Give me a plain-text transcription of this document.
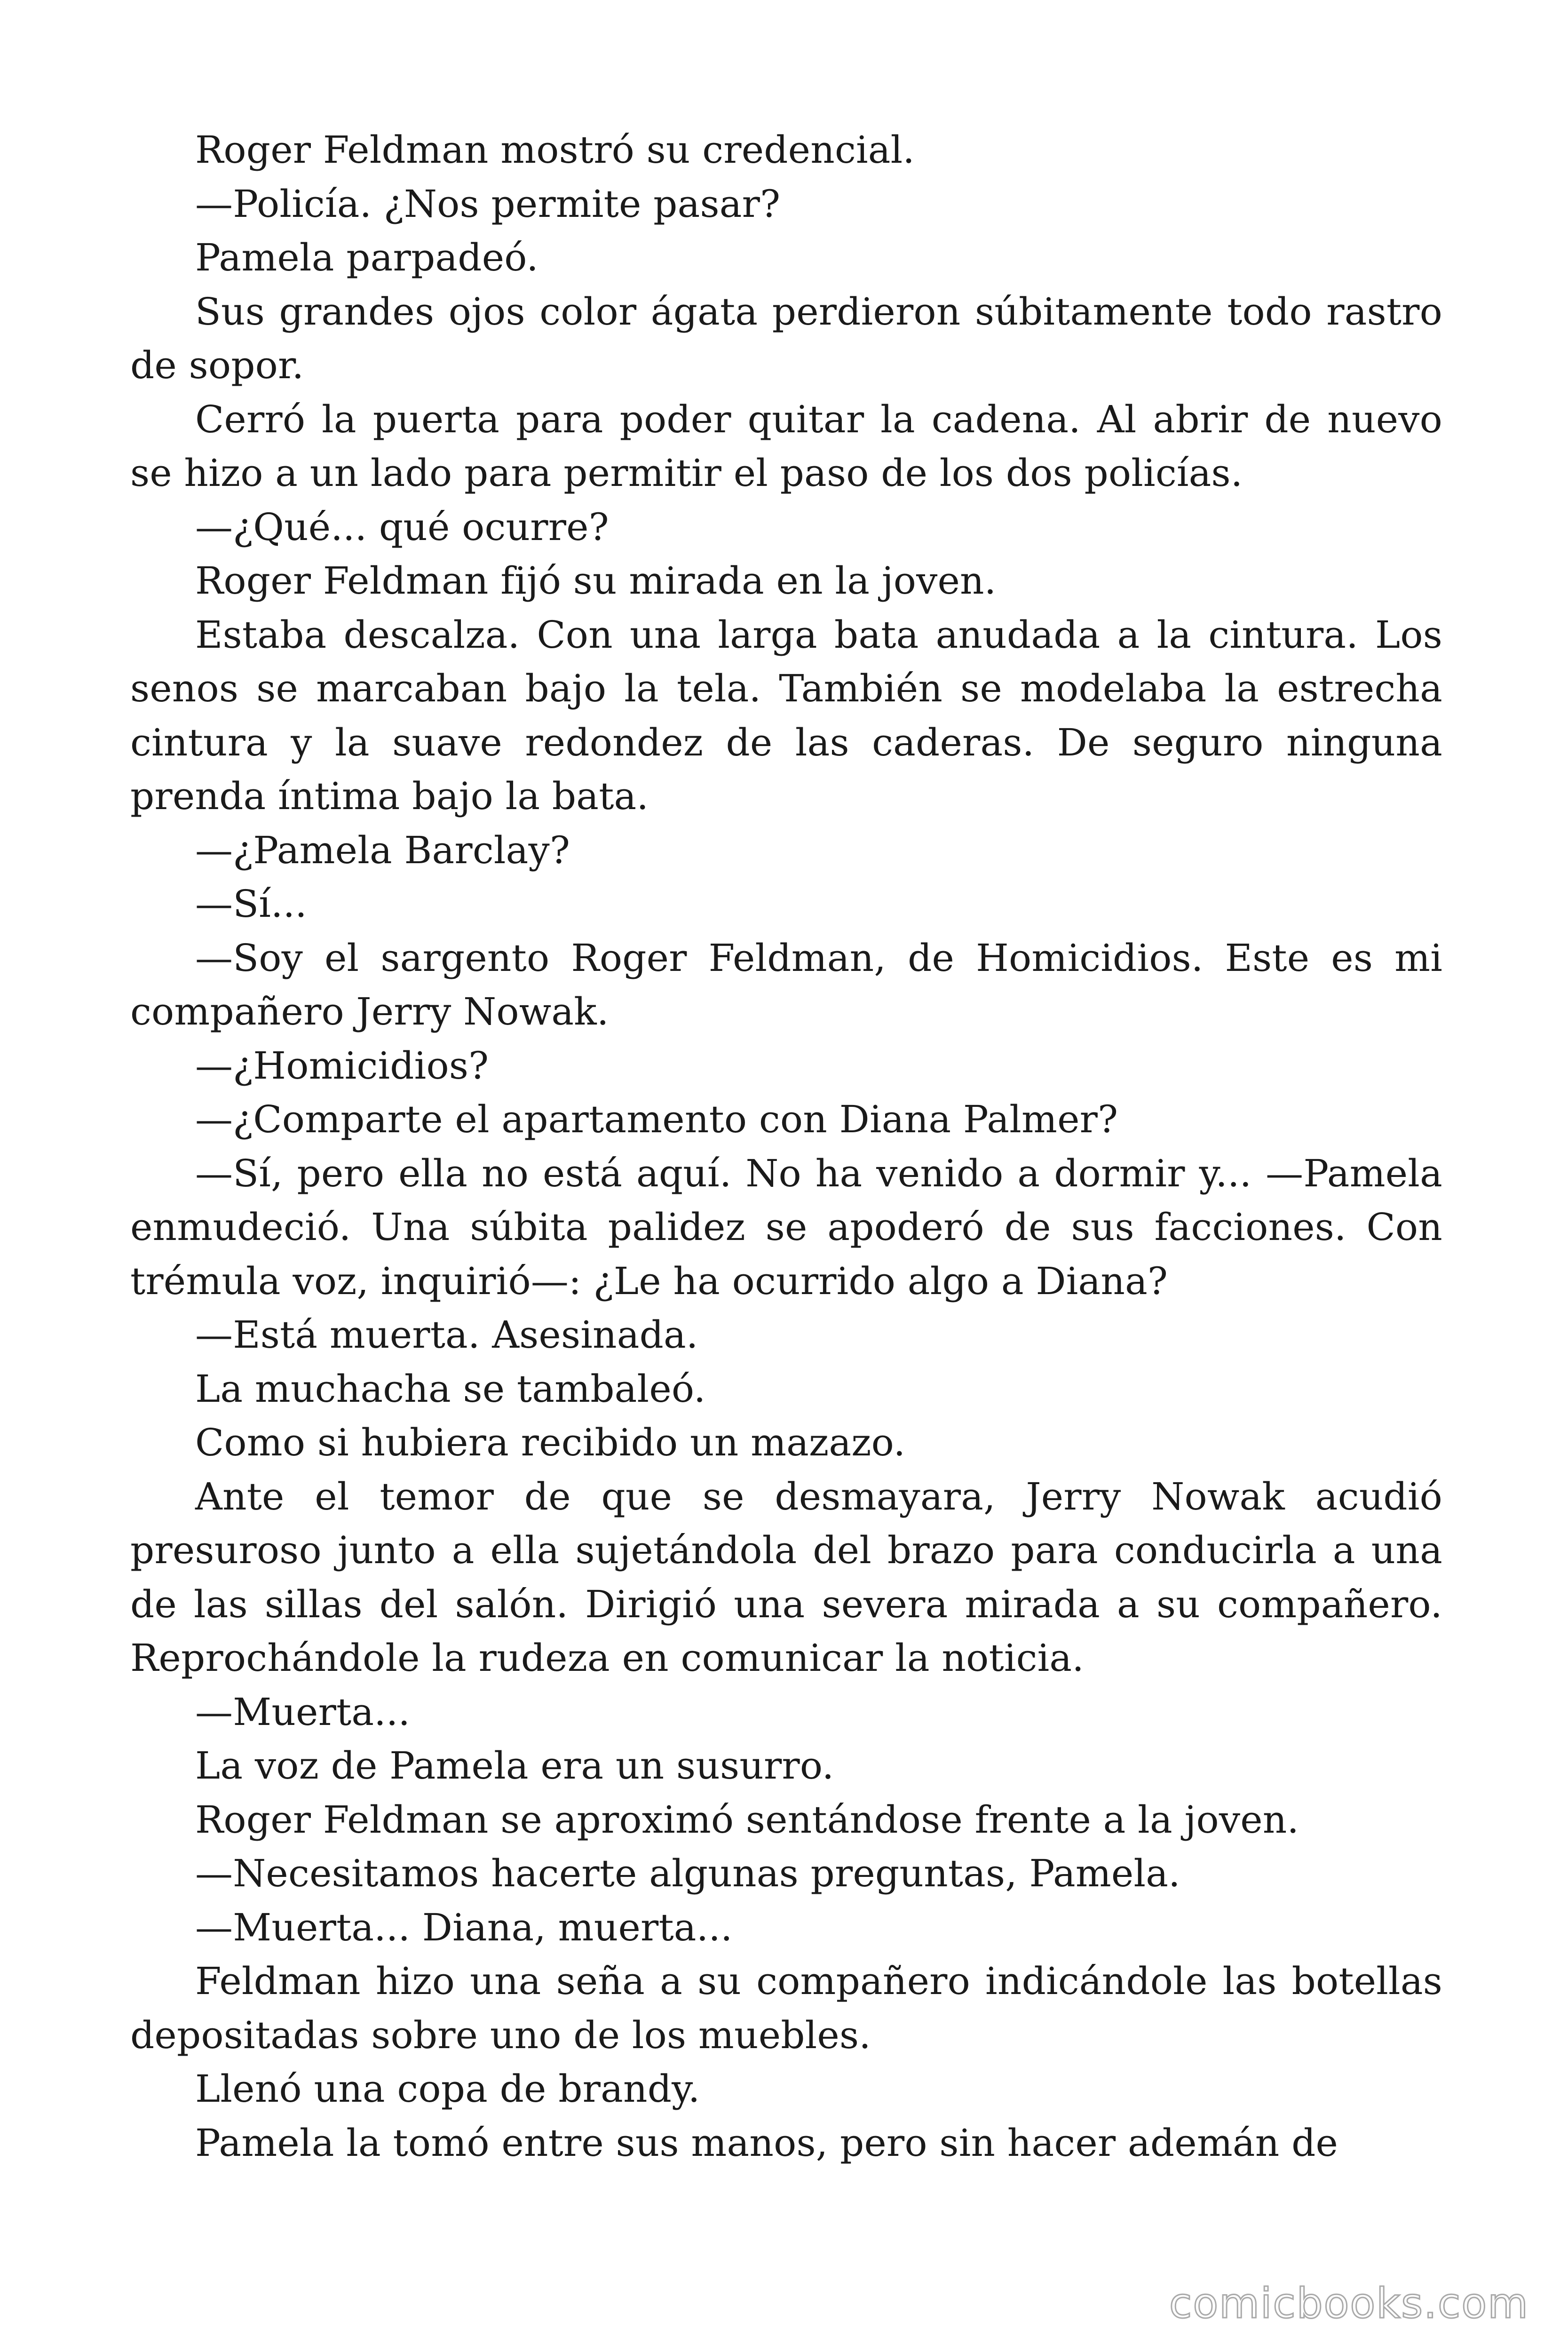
Roger Feldman mostró su credencial.

—Policía. ¿Nos permite pasar?

Pamela parpadeó.

Sus grandes ojos color ágata perdieron súbitamente todo rastro de sopor.

Cerró la puerta para poder quitar la cadena. Al abrir de nuevo se hizo a un lado para permitir el paso de los dos policías.

—¿Qué... qué ocurre?

Roger Feldman fijó su mirada en la joven.

Estaba descalza. Con una larga bata anudada a la cintura. Los senos se marcaban bajo la tela. También se modelaba la estrecha cintura y la suave redondez de las caderas. De seguro ninguna prenda íntima bajo la bata.

—¿Pamela Barclay?

—Sí...

—Soy el sargento Roger Feldman, de Homicidios. Este es mi compañero Jerry Nowak.

—¿Homicidios?

—¿Comparte el apartamento con Diana Palmer?

—Sí, pero ella no está aquí. No ha venido a dormir y... —Pamela enmudeció. Una súbita palidez se apoderó de sus facciones. Con trémula voz, inquirió—: ¿Le ha ocurrido algo a Diana?

—Está muerta. Asesinada.

La muchacha se tambaleó.

Como si hubiera recibido un mazazo.

Ante el temor de que se desmayara, Jerry Nowak acudió presuroso junto a ella sujetándola del brazo para conducirla a una de las sillas del salón. Dirigió una severa mirada a su compañero. Reprochándole la rudeza en comunicar la noticia.

—Muerta...

La voz de Pamela era un susurro.

Roger Feldman se aproximó sentándose frente a la joven.

—Necesitamos hacerte algunas preguntas, Pamela.

—Muerta... Diana, muerta...

Feldman hizo una seña a su compañero indicándole las botellas depositadas sobre uno de los muebles.

Llenó una copa de brandy.

Pamela la tomó entre sus manos, pero sin hacer ademán de

comicbooks.com
